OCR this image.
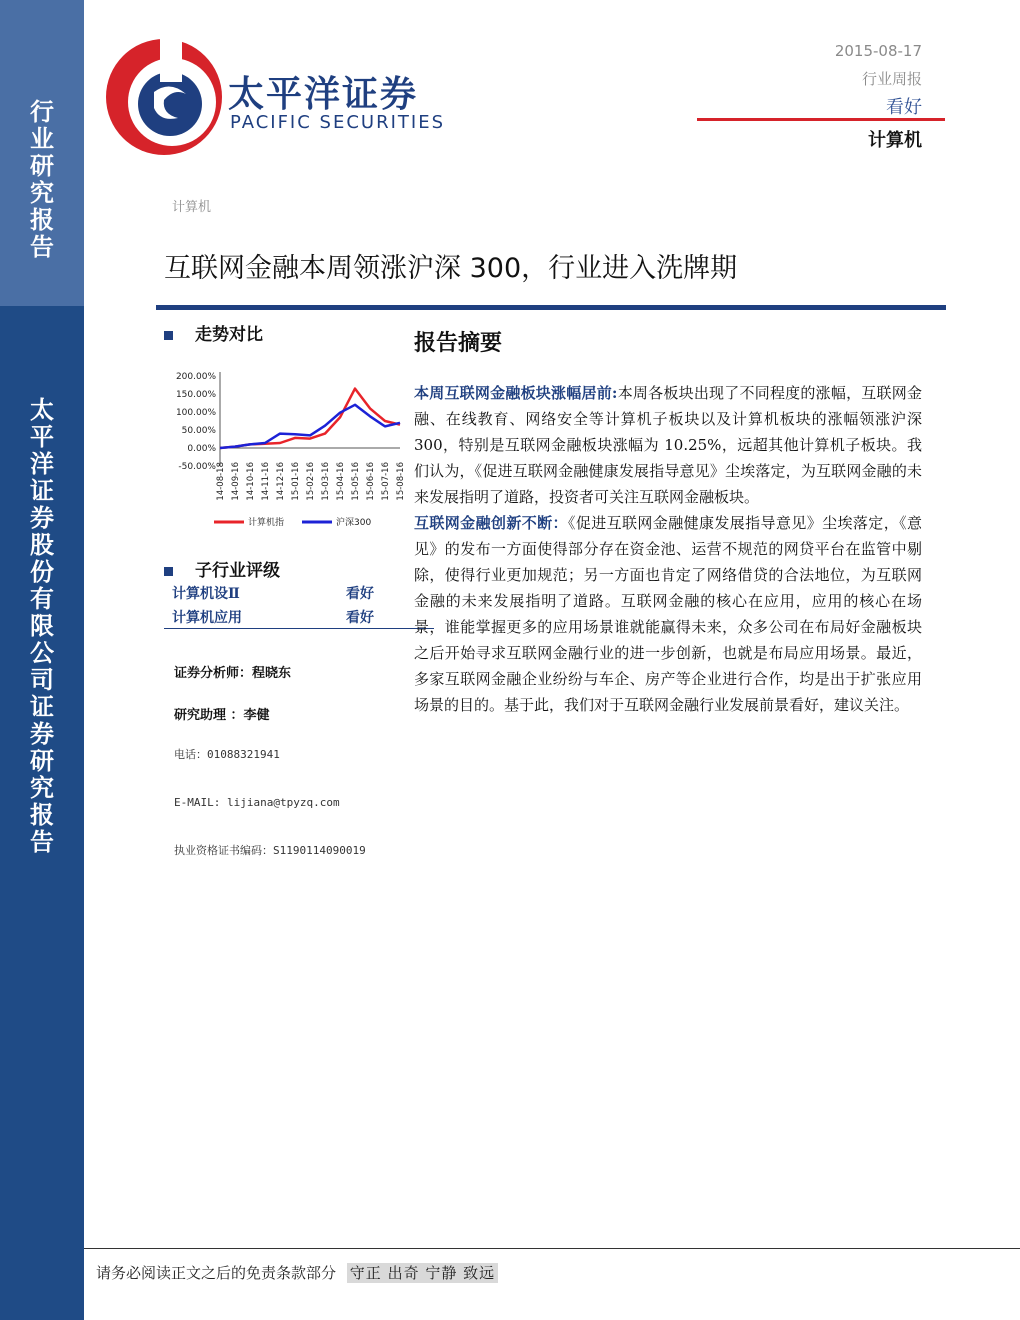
行业研究报告
太平洋证券股份有限公司证券研究报告
太平洋证券
PACIFIC SECURITIES
2015-08-17
行业周报
看好
计算机
计算机
互联网金融本周领涨沪深 300，行业进入洗牌期
走势对比
200.00%
150.00%
100.00%
50.00%
0.00%
-50.00% 14-08-18 14-09-16 14-10-16 14-11-16 14-12-16 15-01-16 15-02-16 15-03-16 15-04-16 15-05-16 15-06-16 15-07-16 15-08-16
计算机指	沪深300
子行业评级
计算机设Ⅱ	看好
计算机应用	看好
证券分析师：程晓东
研究助理 ：李健
电话：01088321941
E-MAIL: lijiana@tpyzq.com
执业资格证书编码：S1190114090019
报告摘要

本周互联网金融板块涨幅居前:本周各板块出现了不同程度的涨幅，互联网金融、在线教育、网络安全等计算机子板块以及计算机板块的涨幅领涨沪深 300，特别是互联网金融板块涨幅为 10.25%，远超其他计算机子板块。我们认为，《促进互联网金融健康发展指导意见》尘埃落定，为互联网金融的未来发展指明了道路，投资者可关注互联网金融板块。

互联网金融创新不断：《促进互联网金融健康发展指导意见》尘埃落定，《意见》的发布一方面使得部分存在资金池、运营不规范的网贷平台在监管中剔除，使得行业更加规范；另一方面也肯定了网络借贷的合法地位，为互联网金融的未来发展指明了道路。互联网金融的核心在应用，应用的核心在场景，谁能掌握更多的应用场景谁就能赢得未来，众多公司在布局好金融板块之后开始寻求互联网金融行业的进一步创新，也就是布局应用场景。最近，多家互联网金融企业纷纷与车企、房产等企业进行合作，均是出于扩张应用场景的目的。基于此，我们对于互联网金融行业发展前景看好，建议关注。

请务必阅读正文之后的免责条款部分 守正 出奇 宁静 致远
